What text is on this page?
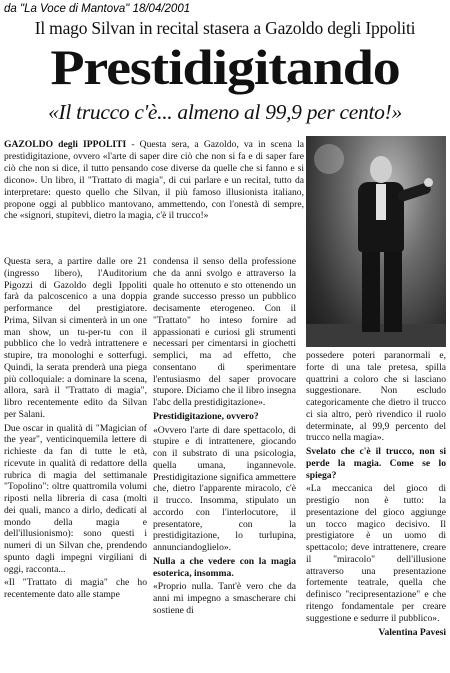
da "La Voce di Mantova" 18/04/2001
Il mago Silvan in recital stasera a Gazoldo degli Ippoliti
Prestidigitando
«Il trucco c'è... almeno al 99,9 per cento!»
GAZOLDO degli IPPOLITI - Questa sera, a Gazoldo, va in scena la prestidigitazione, ovvero «l'arte di saper dire ciò che non si fa e di saper fare ciò che non si dice, il tutto pensando cose diverse da quelle che si fanno e si dicono». Un libro, il "Trattato di magia", di cui parlare e un recital, tutto da interpretare: questo quello che Silvan, il più famoso illusionista italiano, propone oggi al pubblico mantovano, ammettendo, con l'onestà di sempre, che «signori, stupitevi, dietro la magia, c'è il trucco!»

Questa sera, a partire dalle ore 21 (ingresso libero), l'Auditorium Pigozzi di Gazoldo degli Ippoliti farà da palcoscenico a una doppia performance del prestigiatore. Prima, Silvan si cimenterà in un one man show, un tu-per-tu con il pubblico che lo vedrà intrattenere e stupire, tra monologhi e sotterfugi. Quindi, la serata prenderà una piega più colloquiale: a dominare la scena, allora, sarà il "Trattato di magia", libro recentemente edito da Silvan per Salani.

Due oscar in qualità di "Magician of the year", venticinquemila lettere di richieste da fan di tutte le età, ricevute in qualità di redattore della rubrica di magia del settimanale "Topolino": oltre quattromila volumi riposti nella libreria di casa (molti dei quali, manco a dirlo, dedicati al mondo della magia e dell'illusionismo): sono questi i numeri di un Silvan che, prendendo spunto dagli impegni virgiliani di oggi, racconta...

«Il "Trattato di magia" che ho recentemente dato alle stampe

condensa il senso della professione che da anni svolgo e attraverso la quale ho ottenuto e sto ottenendo un grande successo presso un pubblico decisamente eterogeneo. Con il "Trattato" ho inteso fornire ad appassionati e curiosi gli strumenti necessari per cimentarsi in giochetti semplici, ma ad effetto, che consentano di sperimentare l'entusiasmo del saper provocare stupore. Diciamo che il libro insegna l'abc della prestidigitazione».

Prestidigitazione, ovvero?

«Ovvero l'arte di dare spettacolo, di stupire e di intrattenere, giocando con il substrato di una psicologia, quella umana, ingannevole. Prestidigitazione significa ammettere che, dietro l'apparente miracolo, c'è il trucco. Insomma, stipulato un accordo con l'interlocutore, il presentatore, con la prestidigitazione, lo turlupina, annunciandoglielo».

Nulla a che vedere con la magia esoterica, insomma.

«Proprio nulla. Tant'è vero che da anni mi impegno a smascherare chi sostiene di

possedere poteri paranormali e, forte di una tale pretesa, spilla quattrini a coloro che si lasciano suggestionare. Non escludo categoricamente che dietro il trucco ci sia altro, però rivendico il ruolo determinate, al 99,9 percento del trucco nella magia».

Svelato che c'è il trucco, non si perde la magia. Come se lo spiega?

«La meccanica del gioco di prestigio non è tutto: la presentazione del gioco aggiunge un tocco magico decisivo. Il prestigiatore è un uomo di spettacolo; deve intrattenere, creare il "miracolo" dell'illusione attraverso una presentazione fortemente teatrale, quella che definisco "recipresentazione" e che ritengo fondamentale per creare suggestione e sedurre il pubblico».

Valentina Pavesi
